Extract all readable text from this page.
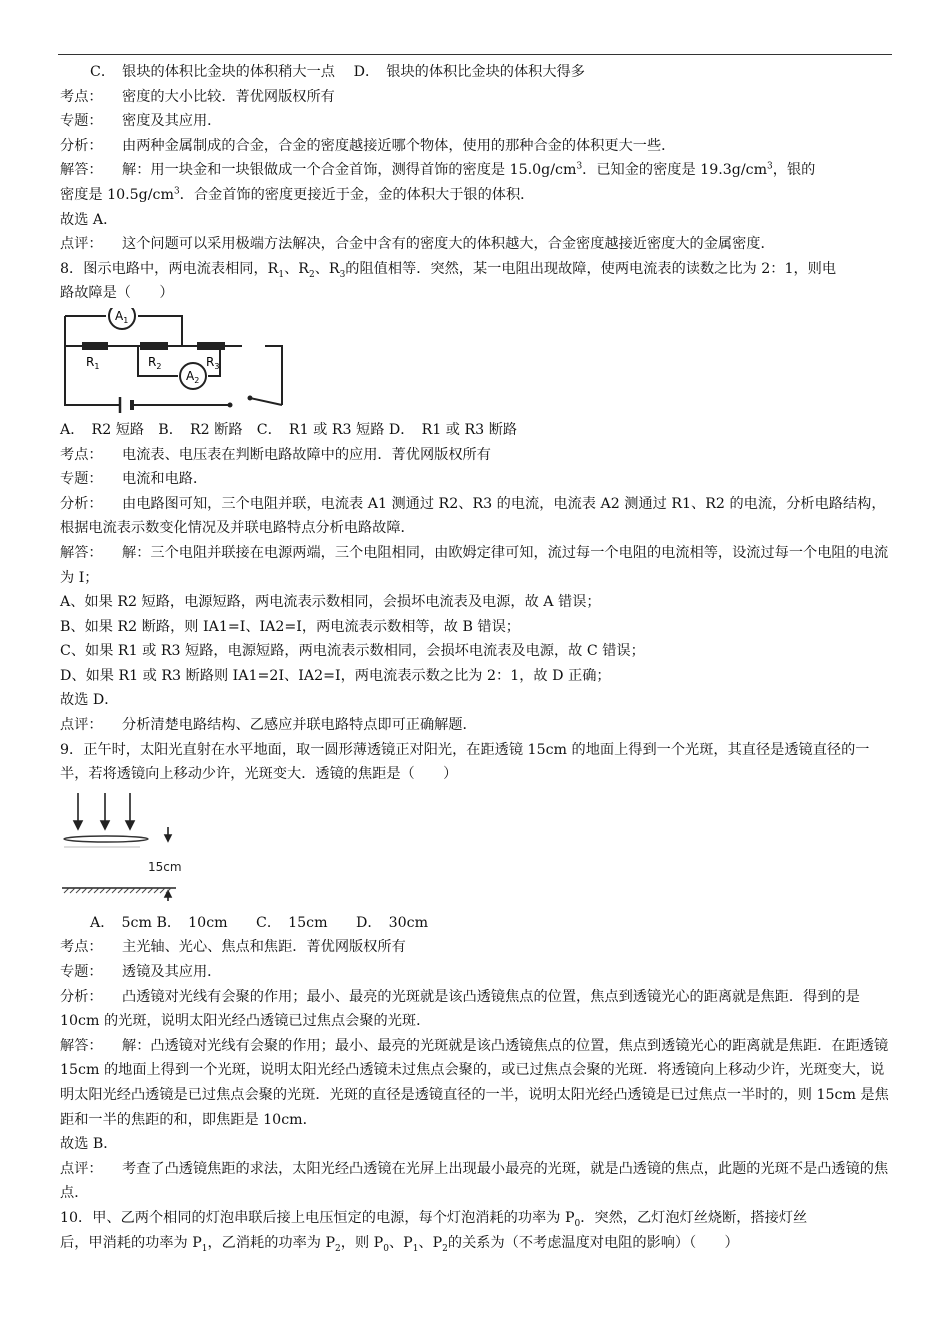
C．　银块的体积比金块的体积稍大一点　 D．　银块的体积比金块的体积大得多
考点： 密度的大小比较．菁优网版权所有
专题： 密度及其应用．
分析： 由两种金属制成的合金，合金的密度越接近哪个物体，使用的那种合金的体积更大一些．
解答： 解：用一块金和一块银做成一个合金首饰，测得首饰的密度是 $15.0g/cm^3$．已知金的密度是 $19.3g/cm^3$，银的
密度是 $10.5g/cm^3$．合金首饰的密度更接近于金，金的体积大于银的体积．
故选 A．
点评： 这个问题可以采用极端方法解决，合金中含有的密度大的体积越大，合金密度越接近密度大的金属密度．
8．图示电路中，两电流表相同，$R_1$、$R_2$、$R_3$的阻值相等．突然，某一电阻出现故障，使两电流表的读数之比为 2：1，则电
路故障是（　　）
$A_1$
$A_2$
$R_1$	$R_2$	$R_3$
A．　R2 短路　B．　R2 断路　C．　R1 或 R3 短路 D．　R1 或 R3 断路
考点： 电流表、电压表在判断电路故障中的应用．菁优网版权所有
专题： 电流和电路．
分析： 由电路图可知，三个电阻并联，电流表 A1 测通过 R2、R3 的电流，电流表 A2 测通过 R1、R2 的电流，分析电路结构，根据电流表示数变化情况及并联电路特点分析电路故障．
解答： 解：三个电阻并联接在电源两端，三个电阻相同，由欧姆定律可知，流过每一个电阻的电流相等，设流过每一个电阻的电流为 I；
A、如果 R2 短路，电源短路，两电流表示数相同，会损坏电流表及电源，故 A 错误；
B、如果 R2 断路，则 IA1=I、IA2=I，两电流表示数相等，故 B 错误；
C、如果 R1 或 R3 短路，电源短路，两电流表示数相同，会损坏电流表及电源，故 C 错误；
D、如果 R1 或 R3 断路则 IA1=2I、IA2=I，两电流表示数之比为 2：1，故 D 正确；
故选 D．
点评： 分析清楚电路结构、乙感应并联电路特点即可正确解题．
9．正午时，太阳光直射在水平地面，取一圆形薄透镜正对阳光，在距透镜 15cm 的地面上得到一个光斑，其直径是透镜直径的一半，若将透镜向上移动少许，光斑变大．透镜的焦距是（　　）
15cm
A．　5cm B．　10cm　　C．　15cm　　D．　30cm
考点： 主光轴、光心、焦点和焦距．菁优网版权所有
专题： 透镜及其应用．
分析： 凸透镜对光线有会聚的作用；最小、最亮的光斑就是该凸透镜焦点的位置，焦点到透镜光心的距离就是焦距．得到的是 10cm 的光斑，说明太阳光经凸透镜已过焦点会聚的光斑．
解答： 解：凸透镜对光线有会聚的作用；最小、最亮的光斑就是该凸透镜焦点的位置，焦点到透镜光心的距离就是焦距．在距透镜 15cm 的地面上得到一个光斑，说明太阳光经凸透镜未过焦点会聚的，或已过焦点会聚的光斑．将透镜向上移动少许，光斑变大，说明太阳光经凸透镜是已过焦点会聚的光斑．光斑的直径是透镜直径的一半，说明太阳光经凸透镜是已过焦点一半时的，则 15cm 是焦距和一半的焦距的和，即焦距是 10cm．
故选 B．
点评： 考查了凸透镜焦距的求法，太阳光经凸透镜在光屏上出现最小最亮的光斑，就是凸透镜的焦点，此题的光斑不是凸透镜的焦点．
10．甲、乙两个相同的灯泡串联后接上电压恒定的电源，每个灯泡消耗的功率为 $P_0$．突然，乙灯泡灯丝烧断，搭接灯丝
后，甲消耗的功率为 $P_1$，乙消耗的功率为 $P_2$，则 $P_0$、$P_1$、$P_2$的关系为（不考虑温度对电阻的影响）（　　）
